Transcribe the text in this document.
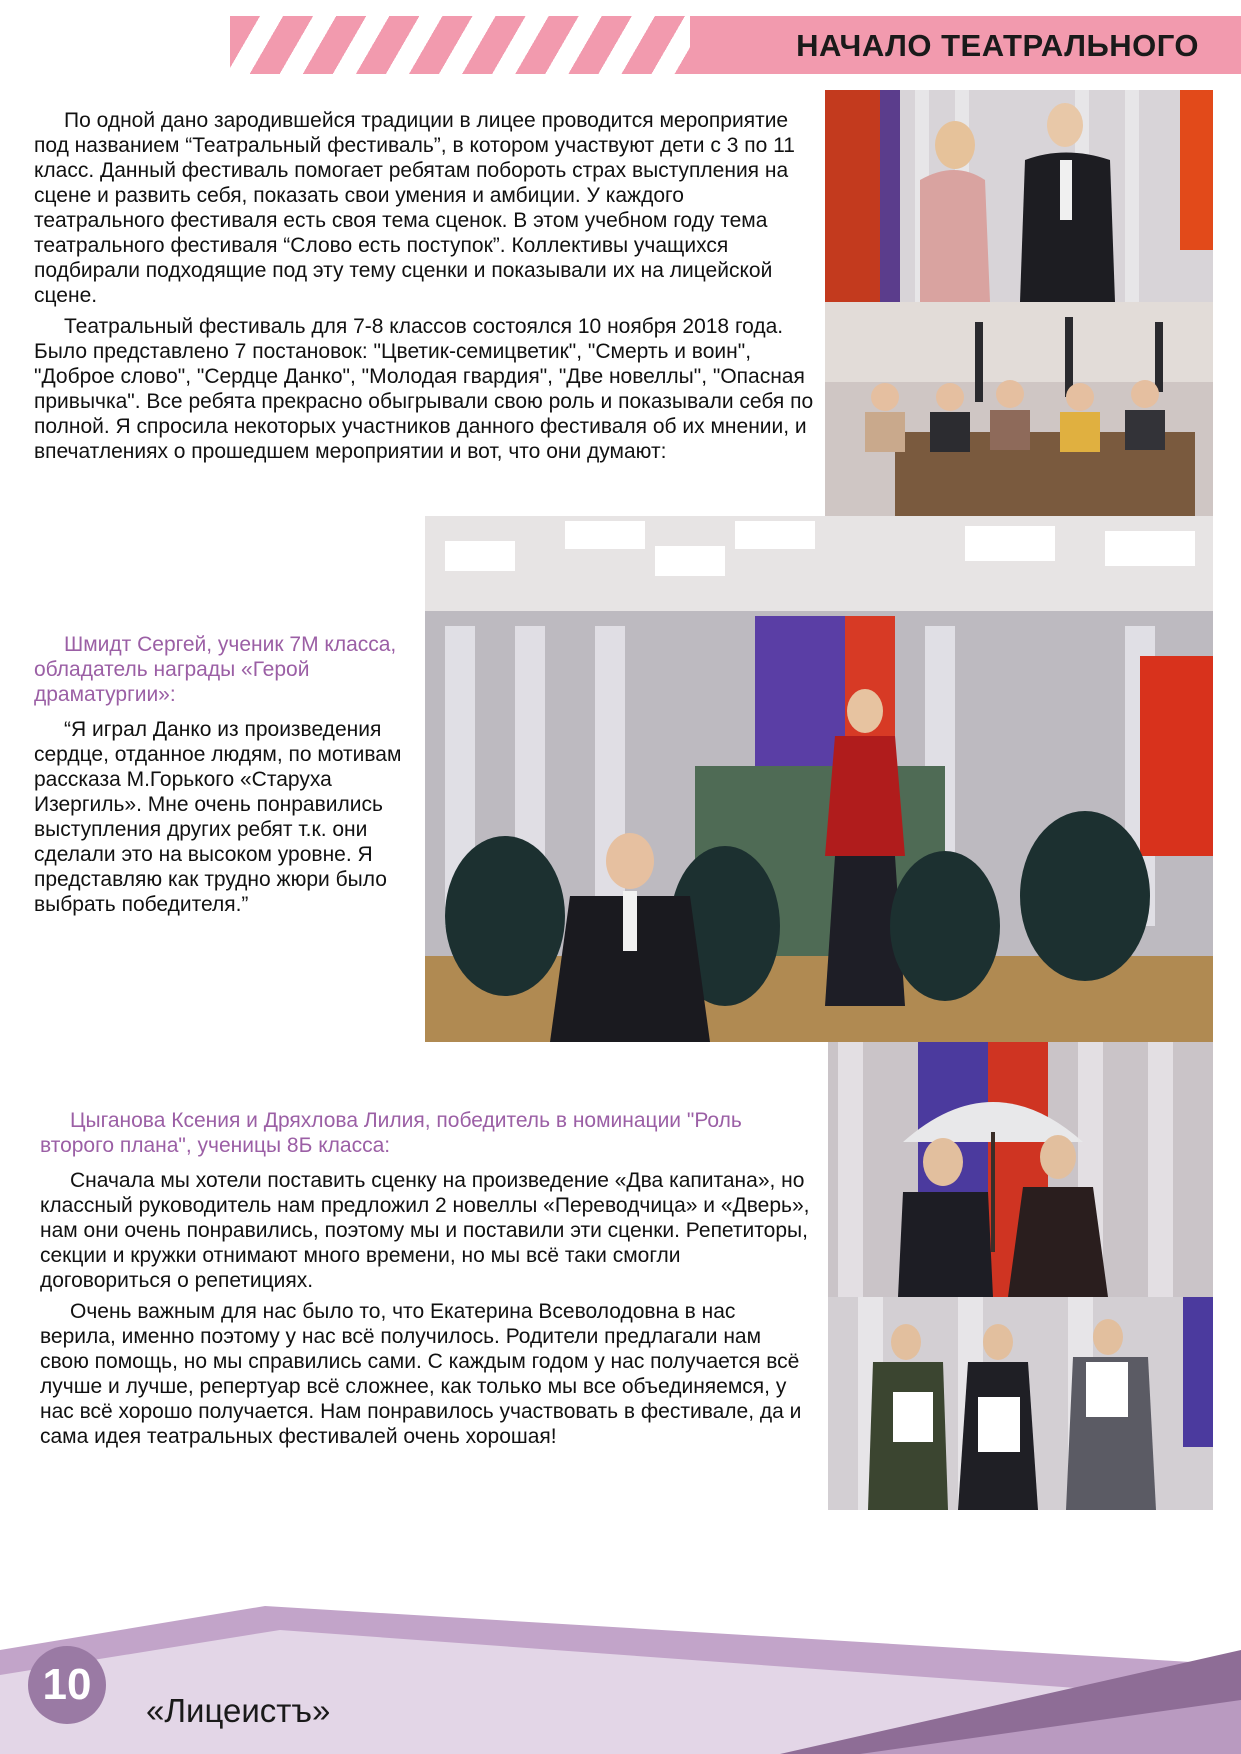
НАЧАЛО ТЕАТРАЛЬНОГО

По одной дано зародившейся традиции в лицее проводится мероприятие под названием “Театральный фестиваль”, в котором участвуют дети с 3 по 11 класс. Данный фестиваль помогает ребятам побороть страх выступления на сцене и развить себя, показать свои умения и амбиции. У каждого театрального фестиваля есть своя тема сценок. В этом учебном году тема театрального фестиваля “Слово есть поступок”. Коллективы учащихся подбирали подходящие под эту тему сценки и показывали их на лицейской сцене.

Театральный фестиваль для 7-8 классов состоялся 10 ноября 2018 года. Было представлено 7 постановок: "Цветик-семицветик", "Смерть и воин", "Доброе слово", "Сердце Данко", "Молодая гвардия", "Две новеллы", "Опасная привычка". Все ребята прекрасно обыгрывали свою роль и показывали себя по полной. Я спросила некоторых участников данного фестиваля об их мнении, и впечатлениях о прошедшем мероприятии и вот, что они думают:

Шмидт Сергей, ученик 7М класса, обладатель награды «Герой драматургии»:

“Я играл Данко из произведения сердце, отданное людям, по мотивам рассказа М.Горького «Старуха Изергиль». Мне очень понравились выступления других ребят т.к. они сделали это на высоком уровне. Я представляю как трудно жюри было выбрать победителя.”

Цыганова Ксения и Дряхлова Лилия, победитель в номинации "Роль второго плана", ученицы 8Б класса:

Сначала мы хотели поставить сценку на произведение «Два капитана», но классный руководитель нам предложил 2 новеллы «Переводчица» и «Дверь», нам они очень понравились, поэтому мы и поставили эти сценки. Репетиторы, секции и кружки отнимают много времени, но мы всё таки смогли договориться о репетициях.

Очень важным для нас было то, что Екатерина Всеволодовна в нас верила, именно поэтому у нас всё получилось. Родители предлагали нам свою помощь, но мы справились сами. С каждым годом у нас получается всё лучше и лучше, репертуар всё сложнее, как только мы все объединяемся, у нас всё хорошо получается. Нам понравилось участвовать в фестивале, да и сама идея театральных фестивалей очень хорошая!

10
«Лицеистъ»
